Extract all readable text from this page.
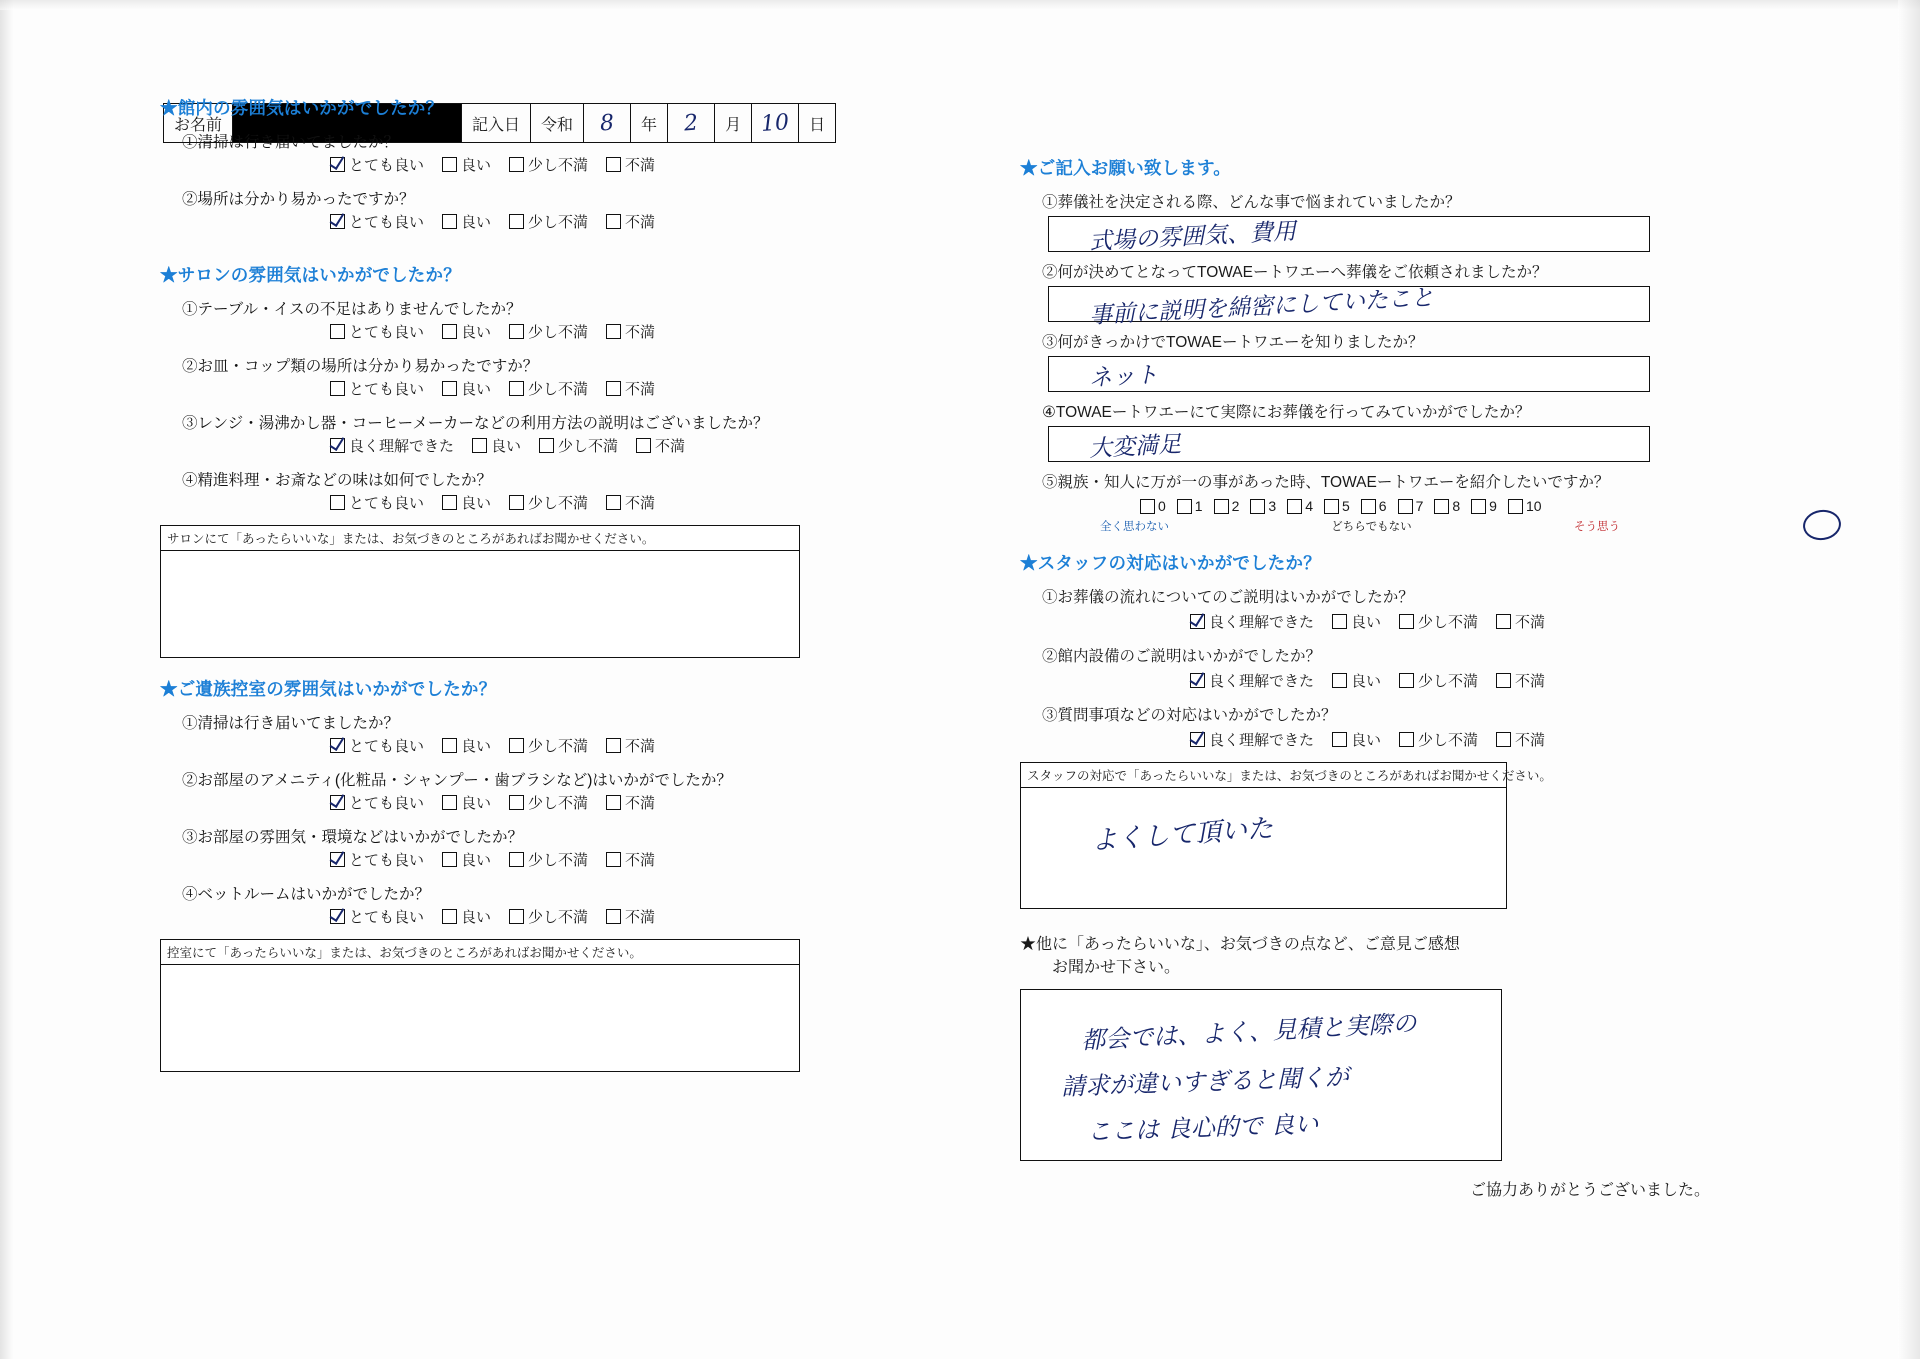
お名前	記入日	令和	8	年	2	月 10	日
★館内の雰囲気はいかがでしたか？

①清掃は行き届いてましたか？

とても良い 良い 少し不満 不満

②場所は分かり易かったですか？

とても良い 良い 少し不満 不満
★サロンの雰囲気はいかがでしたか？

①テーブル・イスの不足はありませんでしたか？

とても良い 良い 少し不満 不満

②お皿・コップ類の場所は分かり易かったですか？

とても良い 良い 少し不満 不満

③レンジ・湯沸かし器・コーヒーメーカーなどの利用方法の説明はございましたか？

良く理解できた 良い 少し不満 不満

④精進料理・お斎などの味は如何でしたか？

とても良い 良い 少し不満 不満
サロンにて「あったらいいな」または、お気づきのところがあればお聞かせください。
★ご遺族控室の雰囲気はいかがでしたか？

①清掃は行き届いてましたか？

とても良い 良い 少し不満 不満

②お部屋のアメニティ(化粧品・シャンプー・歯ブラシなど)はいかがでしたか？

とても良い 良い 少し不満 不満

③お部屋の雰囲気・環境などはいかがでしたか？

とても良い 良い 少し不満 不満

④ベットルームはいかがでしたか？

とても良い 良い 少し不満 不満
控室にて「あったらいいな」または、お気づきのところがあればお聞かせください。
★ご記入お願い致します。

①葬儀社を決定される際、どんな事で悩まれていましたか？

式場の雰囲気、費用

②何が決めてとなってTOWAEートワエーへ葬儀をご依頼されましたか？

事前に説明を綿密にしていたこと

③何がきっかけでTOWAEートワエーを知りましたか？

ネット

④TOWAEートワエーにて実際にお葬儀を行ってみていかがでしたか？

大変満足

⑤親族・知人に万が一の事があった時、TOWAEートワエーを紹介したいですか？

0 1 2 3 4 5 6 7 8 9 10
全く思わない	どちらでもない	そう思う
★スタッフの対応はいかがでしたか？

①お葬儀の流れについてのご説明はいかがでしたか？

良く理解できた 良い 少し不満 不満

②館内設備のご説明はいかがでしたか？

良く理解できた 良い 少し不満 不満

③質問事項などの対応はいかがでしたか？

良く理解できた 良い 少し不満 不満
スタッフの対応で「あったらいいな」または、お気づきのところがあればお聞かせください。
よくして頂いた
★他に「あったらいいな」、お気づきの点など、ご意見ご感想
お聞かせ下さい。
都会では、よく、見積と実際の
請求が違いすぎると聞くが
ここは 良心的で 良い
ご協力ありがとうございました。
